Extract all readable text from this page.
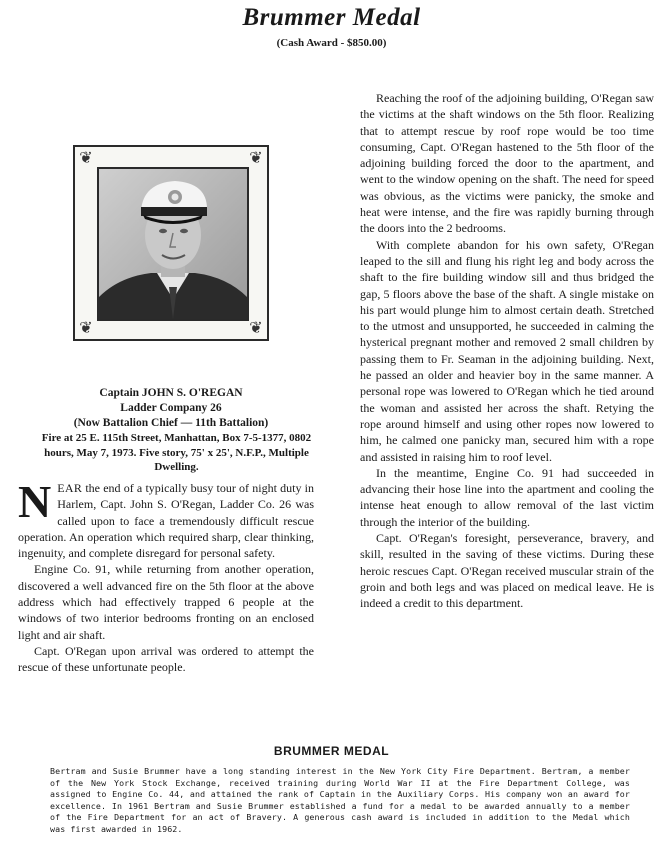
Brummer Medal
(Cash Award - $850.00)
❦	❦
❦	❦
Captain JOHN S. O'REGAN
Ladder Company 26
(Now Battalion Chief — 11th Battalion)
Fire at 25 E. 115th Street, Manhattan, Box 7-5-1377, 0802 hours, May 7, 1973. Five story, 75' x 25', N.F.P., Multiple Dwelling.

NEAR the end of a typically busy tour of night duty in Harlem, Capt. John S. O'Regan, Ladder Co. 26 was called upon to face a tremendously difficult rescue operation. An operation which required sharp, clear thinking, ingenuity, and complete disregard for personal safety.

Engine Co. 91, while returning from another operation, discovered a well advanced fire on the 5th floor at the above address which had effectively trapped 6 people at the windows of two interior bedrooms fronting on an enclosed light and air shaft.

Capt. O'Regan upon arrival was ordered to attempt the rescue of these unfortunate people.

Reaching the roof of the adjoining building, O'Regan saw the victims at the shaft windows on the 5th floor. Realizing that to attempt rescue by roof rope would be too time consuming, Capt. O'Regan hastened to the 5th floor of the adjoining building forced the door to the apartment, and went to the window opening on the shaft. The need for speed was obvious, as the victims were panicky, the smoke and heat were intense, and the fire was rapidly burning through the doors into the 2 bedrooms.

With complete abandon for his own safety, O'Regan leaped to the sill and flung his right leg and body across the shaft to the fire building window sill and thus bridged the gap, 5 floors above the base of the shaft. A single mistake on his part would plunge him to almost certain death. Stretched to the utmost and unsupported, he succeeded in calming the hysterical pregnant mother and removed 2 small children by passing them to Fr. Seaman in the adjoining building. Next, he passed an older and heavier boy in the same manner. A personal rope was lowered to O'Regan which he tied around the woman and assisted her across the shaft. Retying the rope around himself and using other ropes now lowered to him, he calmed one panicky man, secured him with a rope and assisted in raising him to roof level.

In the meantime, Engine Co. 91 had succeeded in advancing their hose line into the apartment and cooling the intense heat enough to allow removal of the last victim through the interior of the building.

Capt. O'Regan's foresight, perseverance, bravery, and skill, resulted in the saving of these victims. During these heroic rescues Capt. O'Regan received muscular strain of the groin and both legs and was placed on medical leave. He is indeed a credit to this department.

BRUMMER MEDAL
Bertram and Susie Brummer have a long standing interest in the New York City Fire Department. Bertram, a member of the New York Stock Exchange, received training during World War II at the Fire Department College, was assigned to Engine Co. 44, and attained the rank of Captain in the Auxiliary Corps. His company won an award for excellence. In 1961 Bertram and Susie Brummer established a fund for a medal to be awarded annually to a member of the Fire Department for an act of Bravery. A generous cash award is included in addition to the Medal which was first awarded in 1962.
